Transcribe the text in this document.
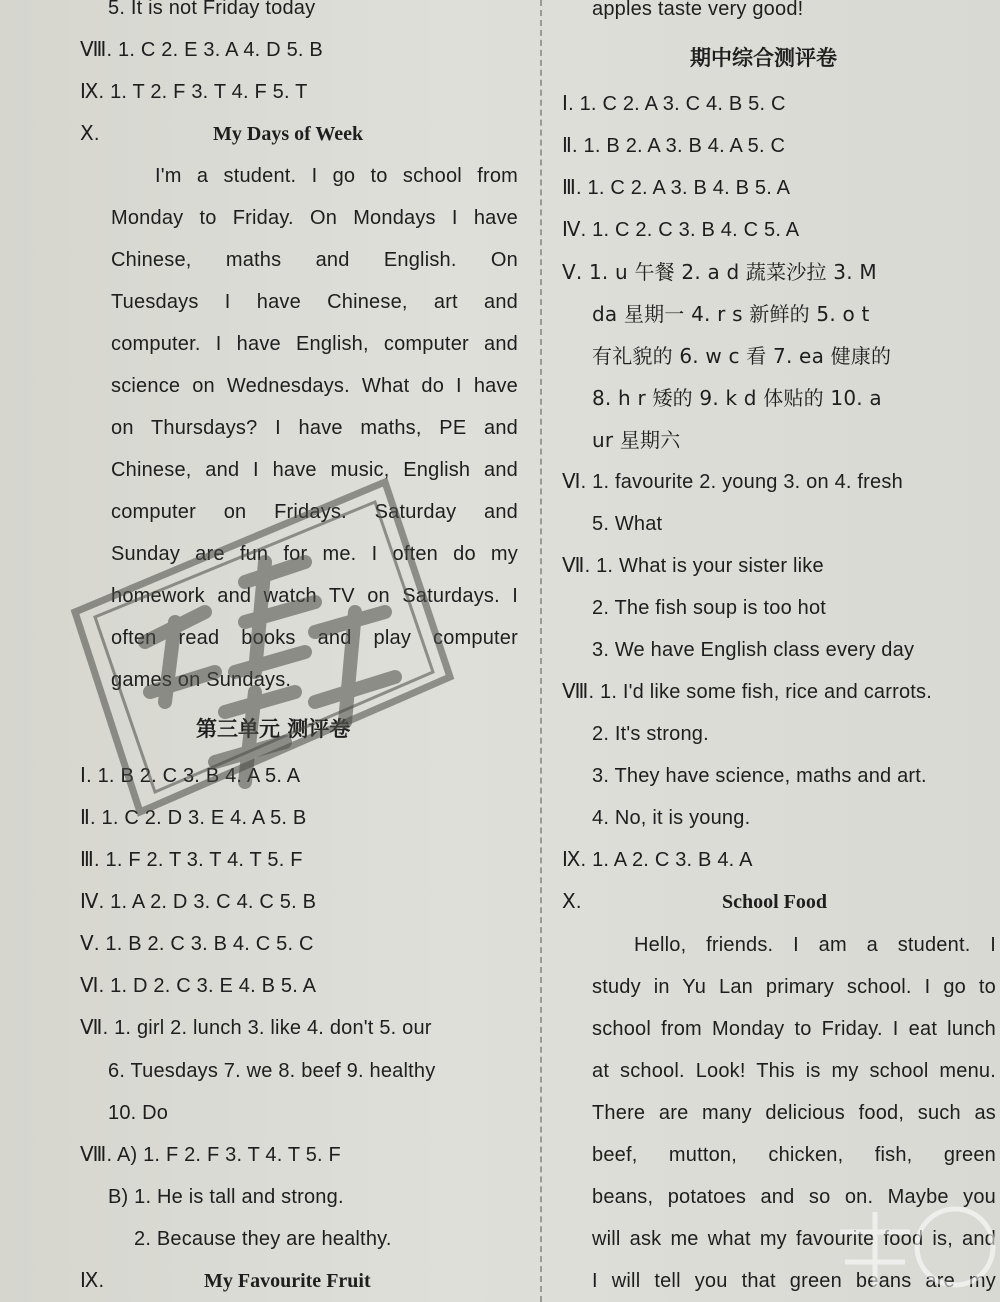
5. It is not Friday today
Ⅷ. 1. C 2. E 3. A 4. D 5. B
Ⅸ. 1. T 2. F 3. T 4. F 5. T
Ⅹ.	My Days of Week
I'm a student. I go to school from
Monday to Friday. On Mondays I have
Chinese, maths and English. On
Tuesdays I have Chinese, art and
computer. I have English, computer and
science on Wednesdays. What do I have
on Thursdays? I have maths, PE and
Chinese, and I have music, English and
computer on Fridays. Saturday and
Sunday are fun for me. I often do my
homework and watch TV on Saturdays. I
often read books and play computer
games on Sundays.
第三单元 测评卷
Ⅰ. 1. B 2. C 3. B 4. A 5. A
Ⅱ. 1. C 2. D 3. E 4. A 5. B
Ⅲ. 1. F 2. T 3. T 4. T 5. F
Ⅳ. 1. A 2. D 3. C 4. C 5. B
Ⅴ. 1. B 2. C 3. B 4. C 5. C
Ⅵ. 1. D 2. C 3. E 4. B 5. A
Ⅶ. 1. girl 2. lunch 3. like 4. don't 5. our
6. Tuesdays 7. we 8. beef 9. healthy
10. Do
Ⅷ. A) 1. F 2. F 3. T 4. T 5. F
B) 1. He is tall and strong.
2. Because they are healthy.
Ⅸ.	My Favourite Fruit
apples taste very good!
期中综合测评卷
Ⅰ. 1. C 2. A 3. C 4. B 5. C
Ⅱ. 1. B 2. A 3. B 4. A 5. C
Ⅲ. 1. C 2. A 3. B 4. B 5. A
Ⅳ. 1. C 2. C 3. B 4. C 5. A
Ⅴ. 1. u 午餐 2. a d 蔬菜沙拉 3. M
da 星期一 4. r s 新鲜的 5. o t
有礼貌的 6. w c 看 7. ea 健康的
8. h r 矮的 9. k d 体贴的 10. a
ur 星期六
Ⅵ. 1. favourite 2. young 3. on 4. fresh
5. What
Ⅶ. 1. What is your sister like
2. The fish soup is too hot
3. We have English class every day
Ⅷ. 1. I'd like some fish, rice and carrots.
2. It's strong.
3. They have science, maths and art.
4. No, it is young.
Ⅸ. 1. A 2. C 3. B 4. A
Ⅹ.	School Food
Hello, friends. I am a student. I
study in Yu Lan primary school. I go to
school from Monday to Friday. I eat lunch
at school. Look! This is my school menu.
There are many delicious food, such as
beef, mutton, chicken, fish, green
beans, potatoes and so on. Maybe you
will ask me what my favourite food is, and
I will tell you that green beans are my
